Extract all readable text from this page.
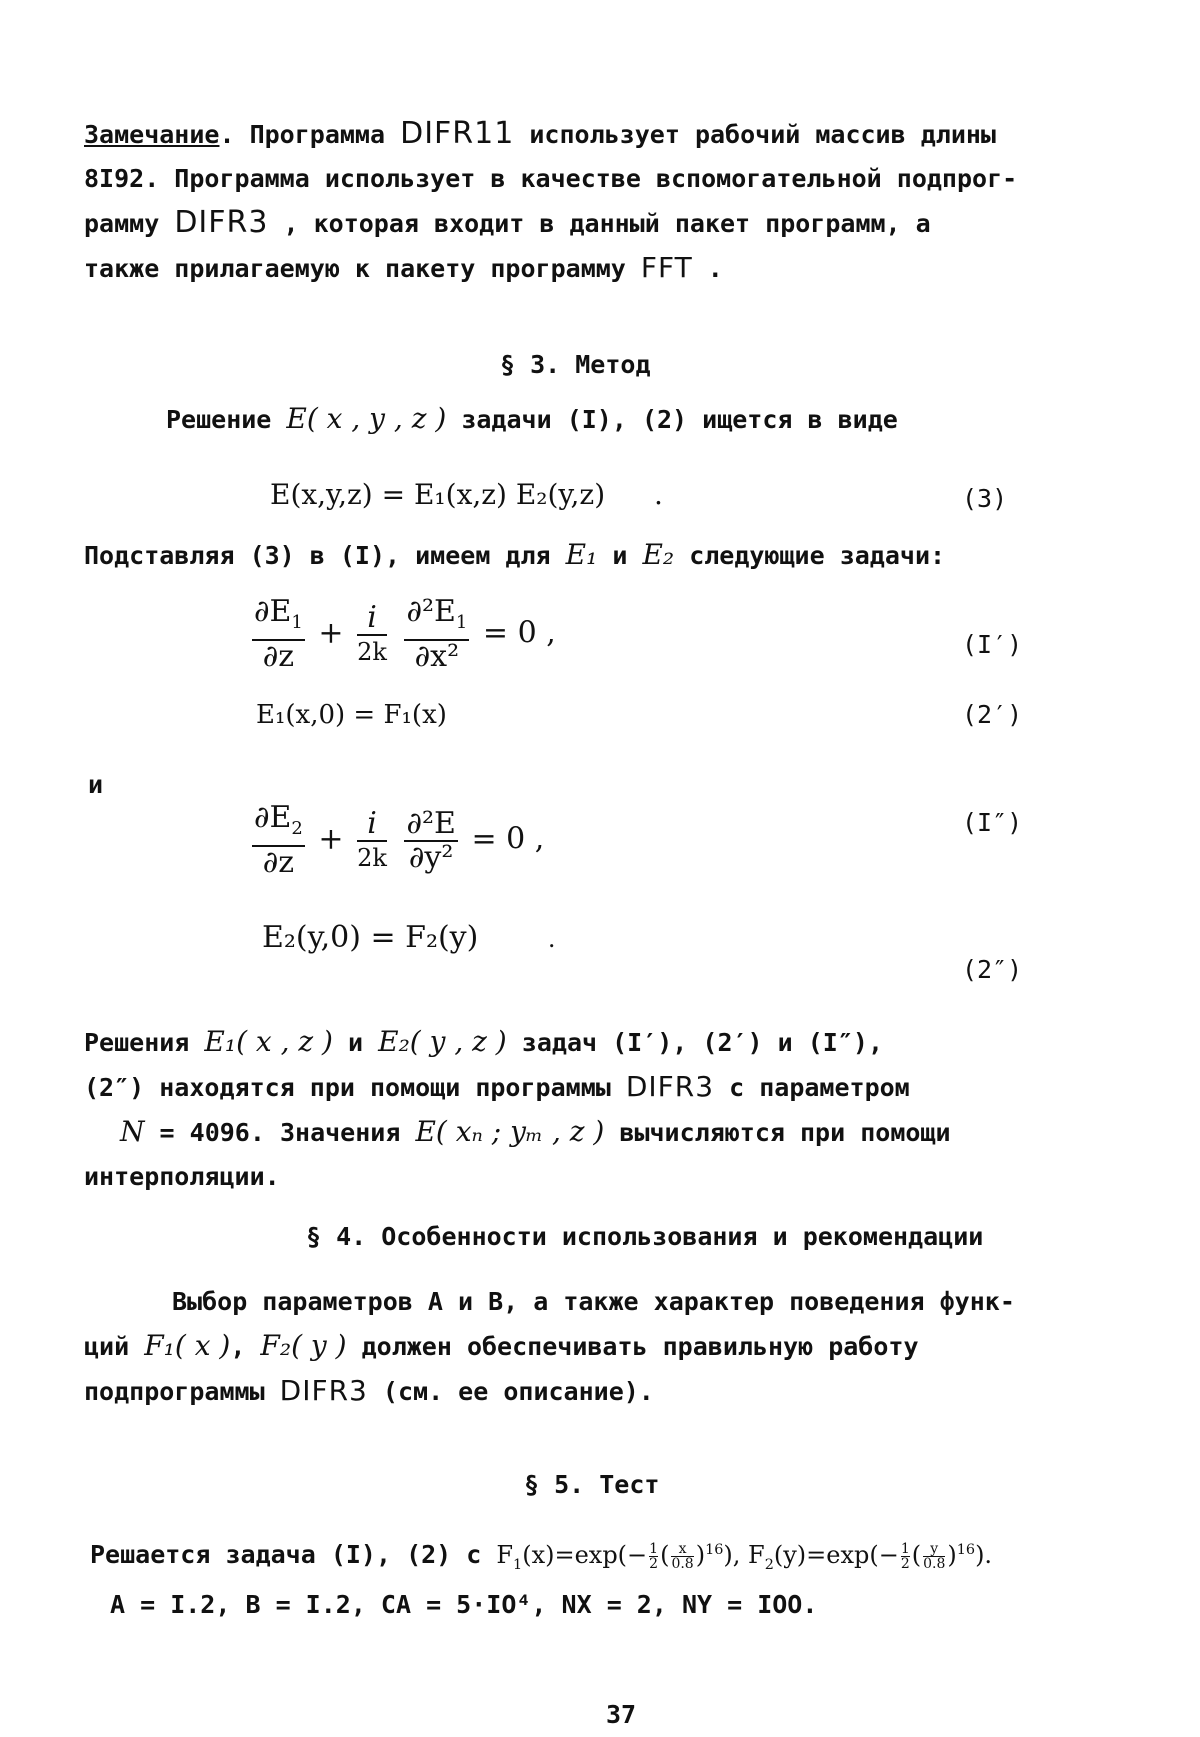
Замечание. Программа DIFR11 использует рабочий массив длины
8I92. Программа использует в качестве вспомогательной подпрог-
рамму DIFR3 , которая входит в данный пакет программ, а
также прилагаемую к пакету программу FFT .
§ 3. Метод
Решение E( x , y , z ) задачи (I), (2) ищется в виде
E(x,y,z) = E₁(x,z) E₂(y,z) .	(3)
Подставляя (3) в (I), имеем для E₁ и E₂ следующие задачи:
$\frac{\partial E_1}{\partial z} + \frac{i}{2k}$
$\frac{\partial^2E_1}{\text{∂x²}} = 0$ ,	(I′)
E₁(x,0) = F₁(x)	(2′)
и
$\frac{\partial E_2}{\partial z} + \frac{i}{2k}$
$\frac{\text{∂²E}}{\text{∂y²}} = 0$ ,	(I″)
E₂(y,0) = F₂(y)	.
(2″)
Решения E₁( x , z ) и E₂( y , z ) задач (I′), (2′) и (I″),
(2″) находятся при помощи программы DIFR3 с параметром
N = 4096. Значения E( xₙ ; yₘ , z ) вычисляются при помощи
интерполяции.
§ 4. Особенности использования и рекомендации
Выбор параметров А и В, а также характер поведения функ-
ций F₁( x ), F₂( y ) должен обеспечивать правильную работу
подпрограммы DIFR3 (см. ее описание).
§ 5. Тест
Решается задача (I), (2) с $F_1(x)=\exp(- \frac{1}{2}( \frac{x}{0.8})^{16})$, $F_2(y)=\exp(- \frac{1}{2}( \frac{y}{0.8})^{16})$.
A = I.2, B = I.2, CA = 5·IO⁴, NX = 2, NY = IOO.
37
